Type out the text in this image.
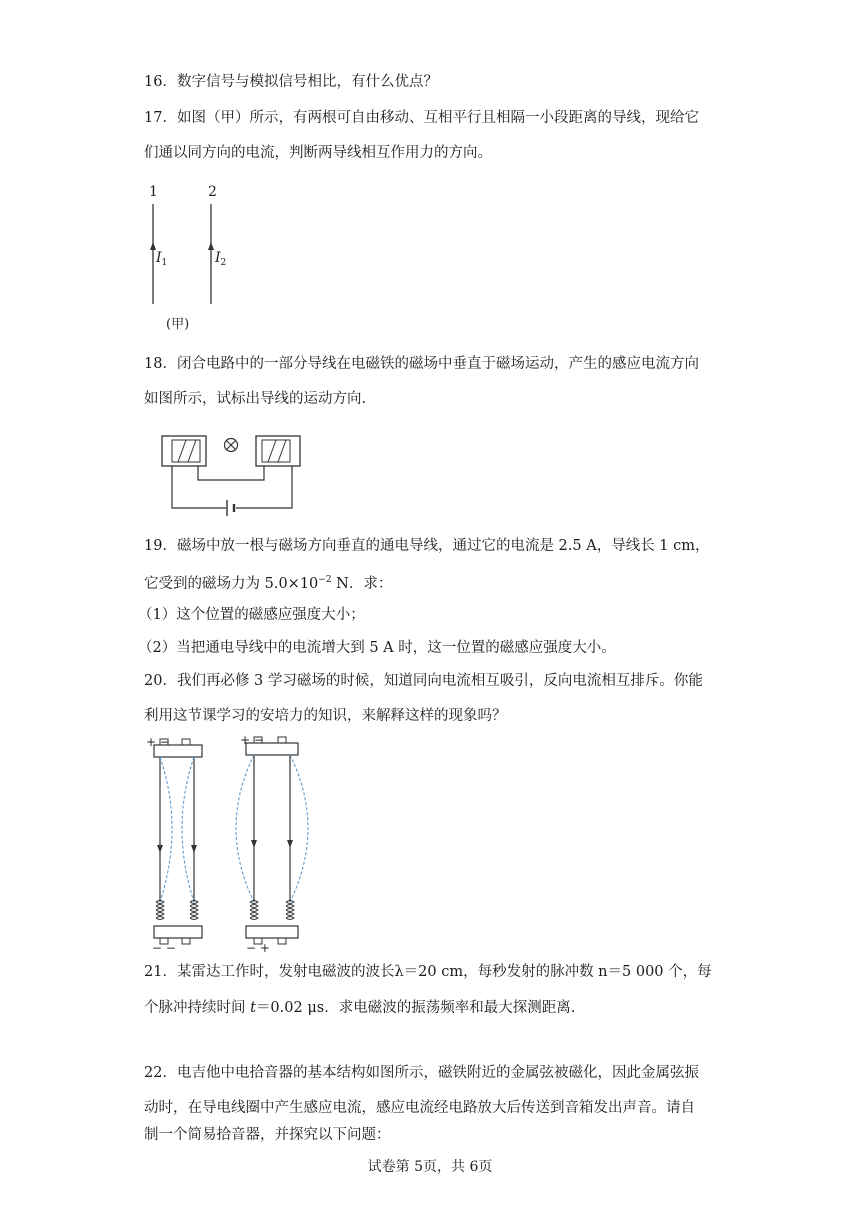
16．数字信号与模拟信号相比，有什么优点？
17．如图（甲）所示，有两根可自由移动、互相平行且相隔一小段距离的导线，现给它
们通以同方向的电流，判断两导线相互作用力的方向。
1	2
$I_1$	$I_2$
(甲)
18．闭合电路中的一部分导线在电磁铁的磁场中垂直于磁场运动，产生的感应电流方向
如图所示，试标出导线的运动方向.
19．磁场中放一根与磁场方向垂直的通电导线，通过它的电流是 2.5 A，导线长 1 cm，
它受到的磁场力为 $5.0\times 10^{-2}$ N．求：
（1）这个位置的磁感应强度大小；
（2）当把通电导线中的电流增大到 5 A 时，这一位置的磁感应强度大小。
20．我们再必修 3 学习磁场的时候，知道同向电流相互吸引，反向电流相互排斥。你能
利用这节课学习的安培力的知识，来解释这样的现象吗？
+ −
− −
+ −
− +
21．某雷达工作时，发射电磁波的波长λ＝20 cm，每秒发射的脉冲数 n＝5 000 个，每
个脉冲持续时间 t＝0.02 μs．求电磁波的振荡频率和最大探测距离.
22．电吉他中电拾音器的基本结构如图所示，磁铁附近的金属弦被磁化，因此金属弦振
动时，在导电线圈中产生感应电流，感应电流经电路放大后传送到音箱发出声音。请自
制一个简易拾音器，并探究以下问题：
试卷第 5页，共 6页
